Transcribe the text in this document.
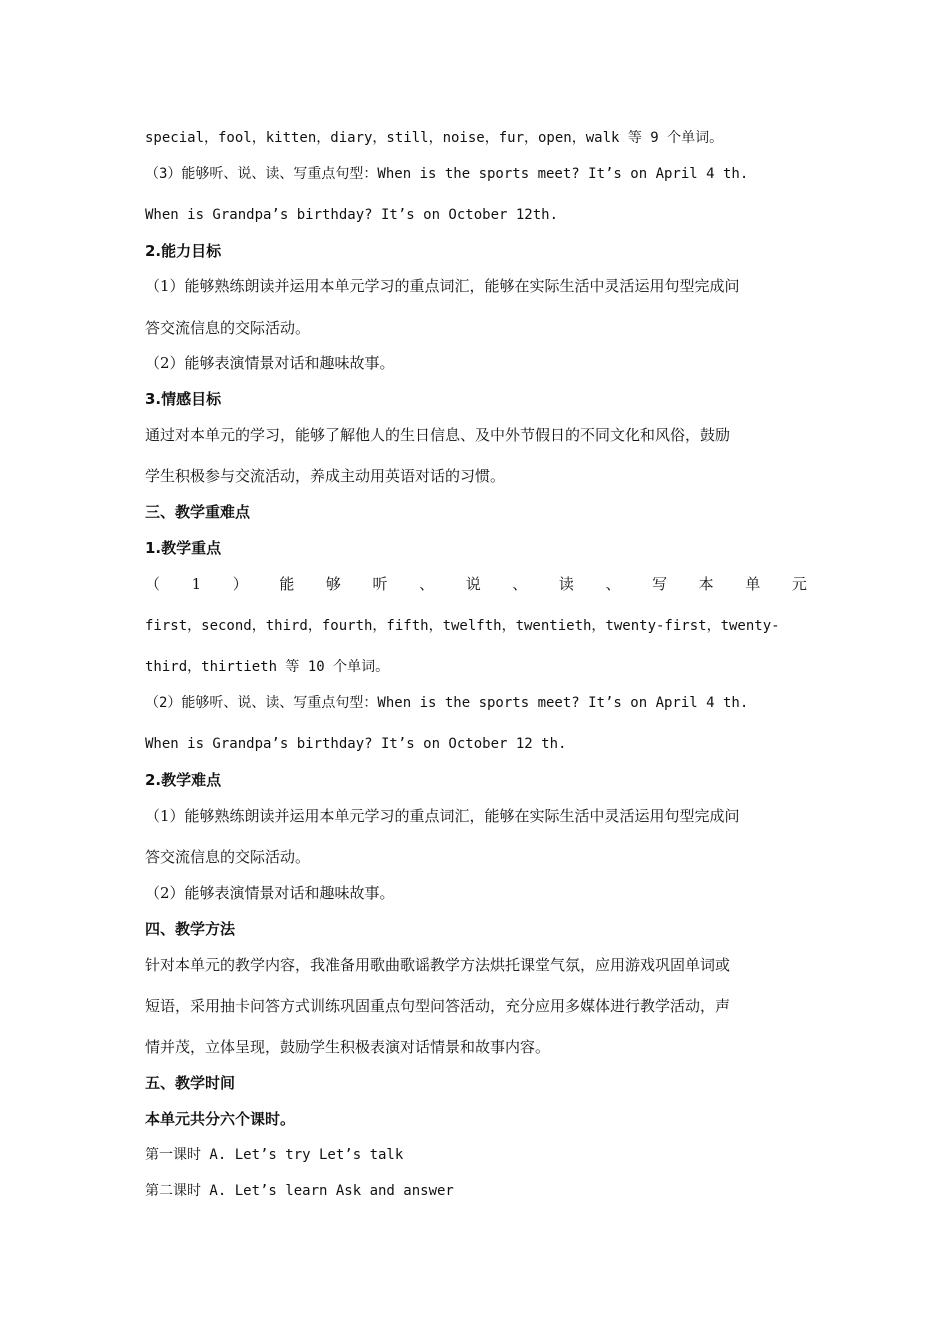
special，fool，kitten，diary，still，noise，fur，open，walk 等 9 个单词。
（3）能够听、说、读、写重点句型：When is the sports meet? It’s on April 4 th.
When is Grandpa’s birthday? It’s on October 12th.
2.能力目标
（1）能够熟练朗读并运用本单元学习的重点词汇，能够在实际生活中灵活运用句型完成问
答交流信息的交际活动。
（2）能够表演情景对话和趣味故事。
3.情感目标
通过对本单元的学习，能够了解他人的生日信息、及中外节假日的不同文化和风俗，鼓励
学生积极参与交流活动，养成主动用英语对话的习惯。
三、教学重难点
1.教学重点
（ 1 ） 能 够 听 、 说 、 读 、 写 本 单 元
first，second，third，fourth，fifth，twelfth，twentieth，twenty-first，twenty-
third，thirtieth 等 10 个单词。
（2）能够听、说、读、写重点句型：When is the sports meet? It’s on April 4 th.
When is Grandpa’s birthday? It’s on October 12 th.
2.教学难点
（1）能够熟练朗读并运用本单元学习的重点词汇，能够在实际生活中灵活运用句型完成问
答交流信息的交际活动。
（2）能够表演情景对话和趣味故事。
四、教学方法
针对本单元的教学内容，我准备用歌曲歌谣教学方法烘托课堂气氛，应用游戏巩固单词或
短语，采用抽卡问答方式训练巩固重点句型问答活动，充分应用多媒体进行教学活动，声
情并茂，立体呈现，鼓励学生积极表演对话情景和故事内容。
五、教学时间
本单元共分六个课时。
第一课时 A. Let’s try Let’s talk
第二课时 A. Let’s learn Ask and answer
